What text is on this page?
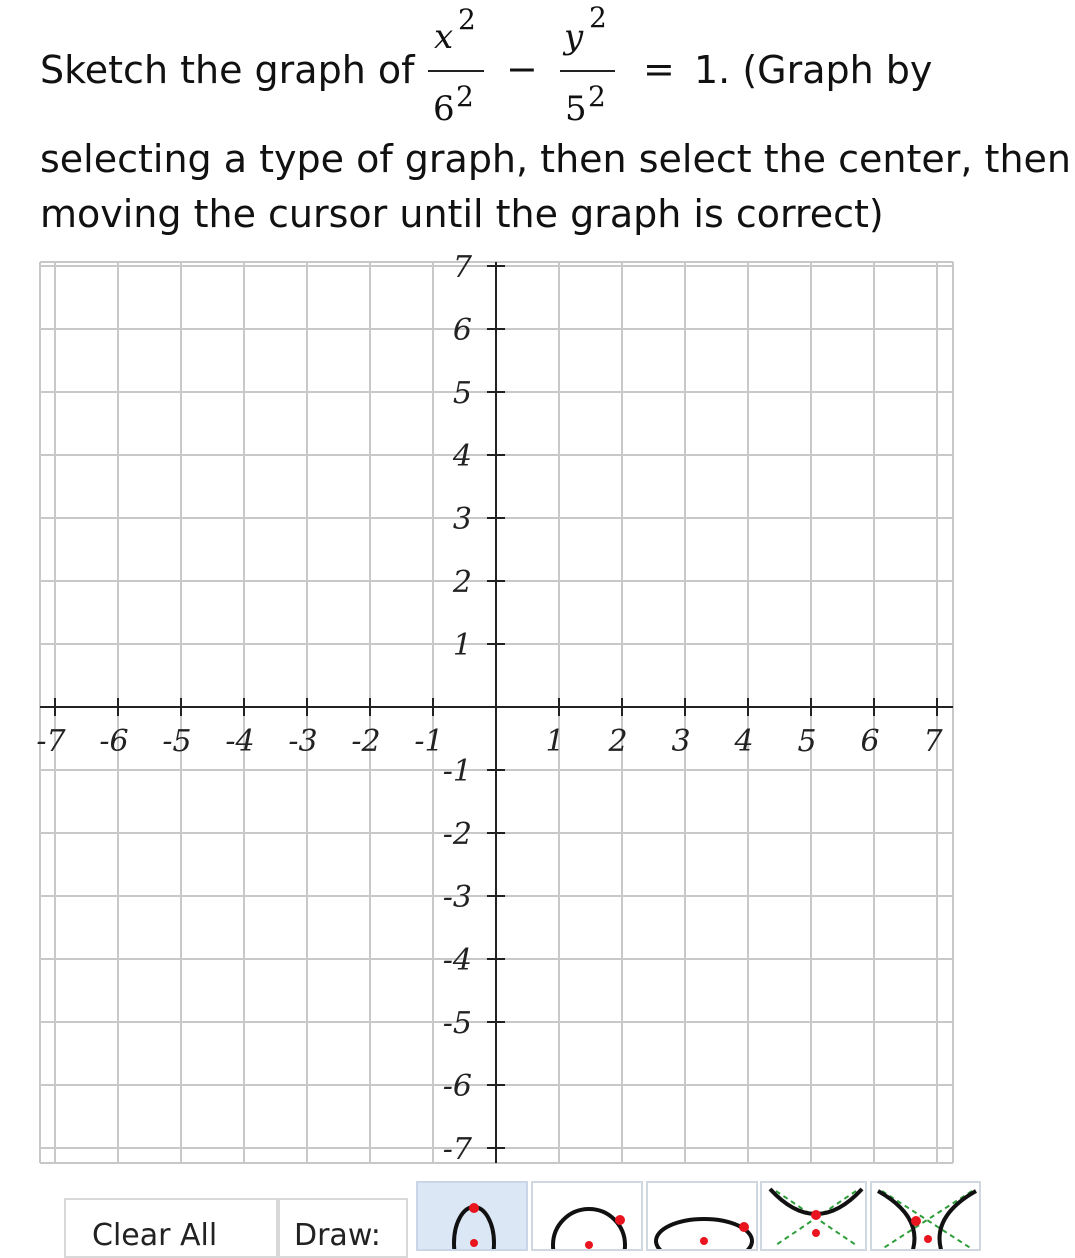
Sketch the graph of
x 2
6 2
−
y 2
5 2
= 1. (Graph by
selecting a type of graph, then select the center, then
moving the cursor until the graph is correct)
-7 -6 -5 -4 -3 -2 -1	1 2 3 4 5 6 7
7
6
5
4
3
2
1
-1
-2
-3
-4
-5
-6
-7
Clear All	Draw:
